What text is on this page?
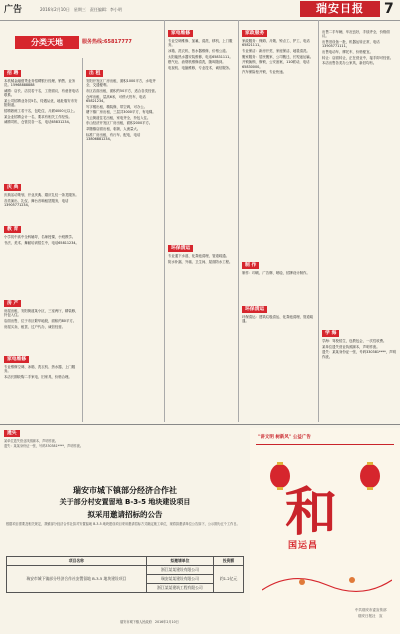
广告	2016年2月10日　星期三　责任编辑：李小明	瑞安日报	7
分类天地	服务热线:65817777
招 聘

本机械金融借贷业务招聘银行经理、销售、业务员。15968888888

诚聘：店长、店员若干名，工资面议，有意者电话联系。

某公司招聘业务员5名，待遇从优，地址瑞安市安阳街道。

招聘熟练工若干名，包吃住，月薪4000元以上。

某企业招聘会计一名，要求有相关工作经验。

诚聘司机、仓管员各一名，电话65831234。

庆 典

庆典活动策划，开业庆典、婚庆礼仪一条龙服务。

各类演出、礼仪、舞台音响租赁服务，电话13905771234。

教 育

小学初中高中全科辅导，名师授课，小班教学。

书法、美术、舞蹈培训招生中，电话65811234。

房 产

房屋出租，安阳街道某小区，三室两厅，精装修，拎包入住。

店面出售，位于市区繁华地段，面积约80平方。

房屋买卖、租赁、过户代办，诚信经营。

家电维修

专业维修空调、冰箱、洗衣机、热水器，上门服务。

本店长期收购二手家电、旧家具，价格合理。

出 租

安阳开发区厂房出租，面积1000平方，水电齐全，交通便利。

市区店面出租，面积约50平方，适合各类经营。

仓库出租，层高6米，可停大货车，电话65821234。

写字楼出租，精装修，带空调，可办公。

塘下镇厂房出租，三层共3000平方，有电梯。

飞云街道住宅出租，家电齐全，拎包入住。

东山经济开发区厂房出租，面积2000平方。

莘塍镇店面出租，临街，人流量大。

标准厂房出租，有行车、配电，电话13806881234。

家电维修

专业空调维修、加氟、清洗、移机，上门服务。

冰箱、洗衣机、热水器维修，价格公道。

太阳能热水器安装维修，电话65831111。

燃气灶、油烟机维修清洗，随叫随到。

电视机、电脑维修，专业技术，诚信服务。

环保清运

专业通下水道、化粪池清理，管道疏通。

防水补漏，外墙、卫生间、屋面防水工程。

家政服务

家政服务：保姆、月嫂、钟点工、护工，电话65821111。

专业保洁：新房开荒、家庭保洁、地毯清洗。

搬家服务：居民搬家、公司搬迁、长短途运输。

开锁换锁、修锁，公安备案，110联动，电话65830000。

汽车保险柜开锁，专业快速。

制 作

制作：印刷、广告牌、喷绘、招牌设计制作。

环保清运

环保清运：建筑垃圾清运、化粪池清理、管道疏通。

出售二手车辆，车况良好，手续齐全，价格面议。

出售旧设备一批，机器运转正常，电话13905771111。

出售电动车、摩托车，价格便宜。

转让：店面转让，正在营业中，接手即可经营。

本店出售各类办公家具，新旧均有。

学 海

学海：驾校招生，包教包会，一次性收费。

某单位遗失营业执照副本，声明作废。

遗失：某某身份证一张，号码330381****，声明作废。

遗失

某单位遗失营业执照副本，声明作废。

遗失：某某身份证一张，号码330381****，声明作废。

瑞安市城下镇部分经济合作社
关于部分村安置留地 B-3-5 地块建设项目
拟采用邀请招标的公告
根据项目需要及相关规定，我镇部分经济合作社拟对安置留地 B-3-5 地块建设项目采用邀请招标方式确定施工单位，现将拟邀请单位公告如下，公示期为五个工作日。
项目名称	拟邀请单位	投资额
瑞安市城下镇部分经济合作社安置留地 B-3-5 地块建设项目	浙江某某建设有限公司	约1.2亿元
	瑞安某某建设有限公司	
	浙江某某建筑工程有限公司	
瑞安市城下镇人民政府　2016年2月10日
"讲文明 树新风" 公益广告
和
国运昌
中共瑞安市委宣传部
瑞安日报社　宣
